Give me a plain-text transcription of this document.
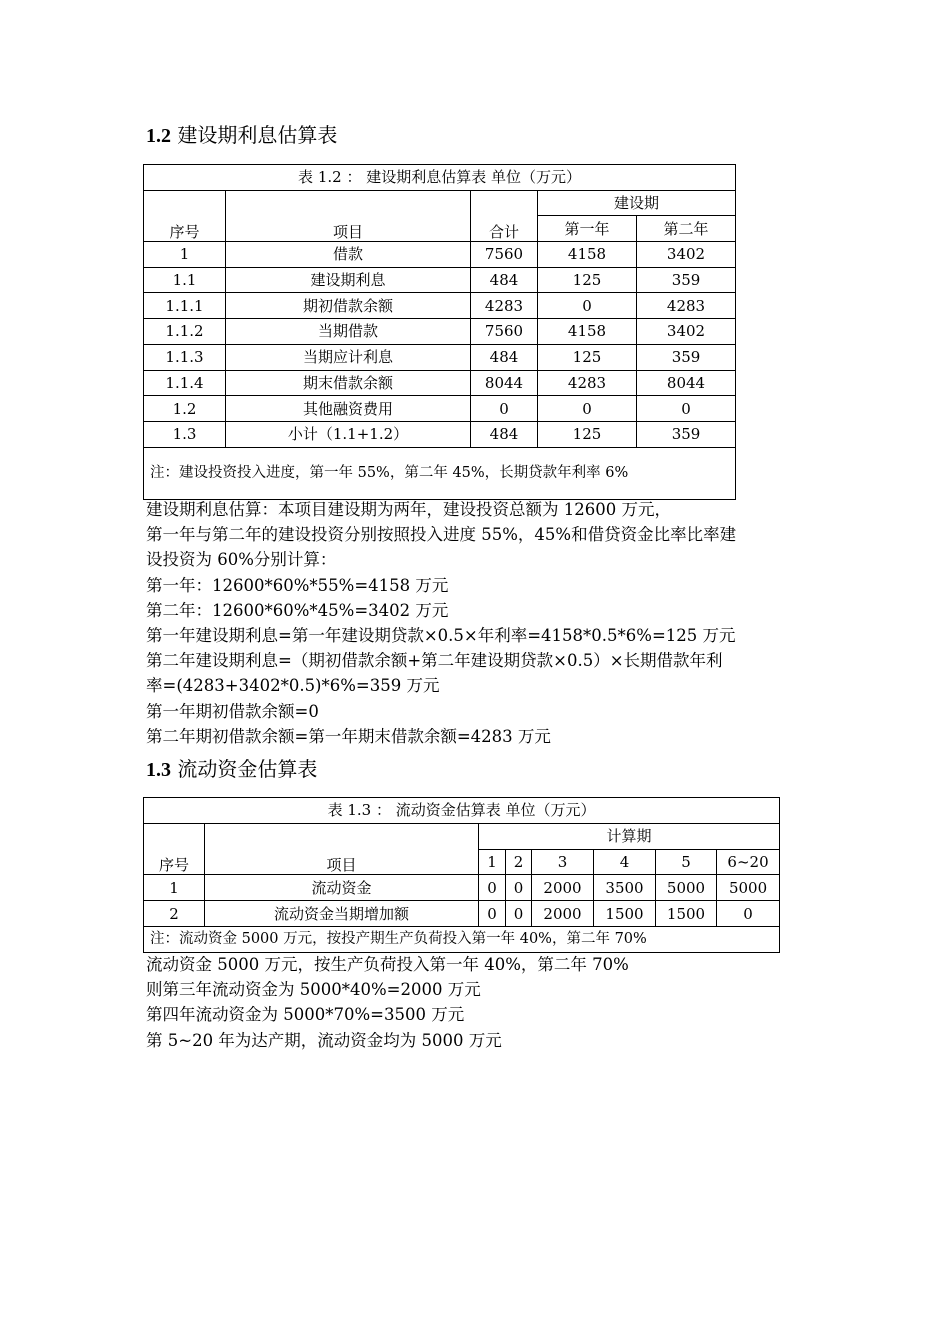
1.2 建设期利息估算表
表 1.2 ： 建设期利息估算表 单位（万元）				
序号	项目	合计	建设期	
			第一年	第二年
1	借款	7560	4158	3402
1.1	建设期利息	484	125	359
1.1.1	期初借款余额	4283	0	4283
1.1.2	当期借款	7560	4158	3402
1.1.3	当期应计利息	484	125	359
1.1.4	期末借款余额	8044	4283	8044
1.2	其他融资费用	0	0	0
1.3	小计（1.1+1.2）	484	125	359
注：建设投资投入进度，第一年 55%，第二年 45%，长期贷款年利率 6%				
建设期利息估算：本项目建设期为两年，建设投资总额为 12600 万元，
第一年与第二年的建设投资分别按照投入进度 55%，45%和借贷资金比率比率建
设投资为 60%分别计算：
第一年：12600*60%*55%=4158 万元
第二年：12600*60%*45%=3402 万元
第一年建设期利息=第一年建设期贷款×0.5×年利率=4158*0.5*6%=125 万元
第二年建设期利息=（期初借款余额+第二年建设期贷款×0.5）×长期借款年利
率=(4283+3402*0.5)*6%=359 万元
第一年期初借款余额=0
第二年期初借款余额=第一年期末借款余额=4283 万元
1.3 流动资金估算表
表 1.3 ： 流动资金估算表 单位（万元）							
序号	项目	计算期					
		1	2	3	4	5	6~20
1	流动资金	0	0	2000	3500	5000	5000
2	流动资金当期增加额	0	0	2000	1500	1500	0
注：流动资金 5000 万元，按投产期生产负荷投入第一年 40%，第二年 70%							
流动资金 5000 万元，按生产负荷投入第一年 40%，第二年 70%
则第三年流动资金为 5000*40%=2000 万元
第四年流动资金为 5000*70%=3500 万元
第 5~20 年为达产期，流动资金均为 5000 万元
